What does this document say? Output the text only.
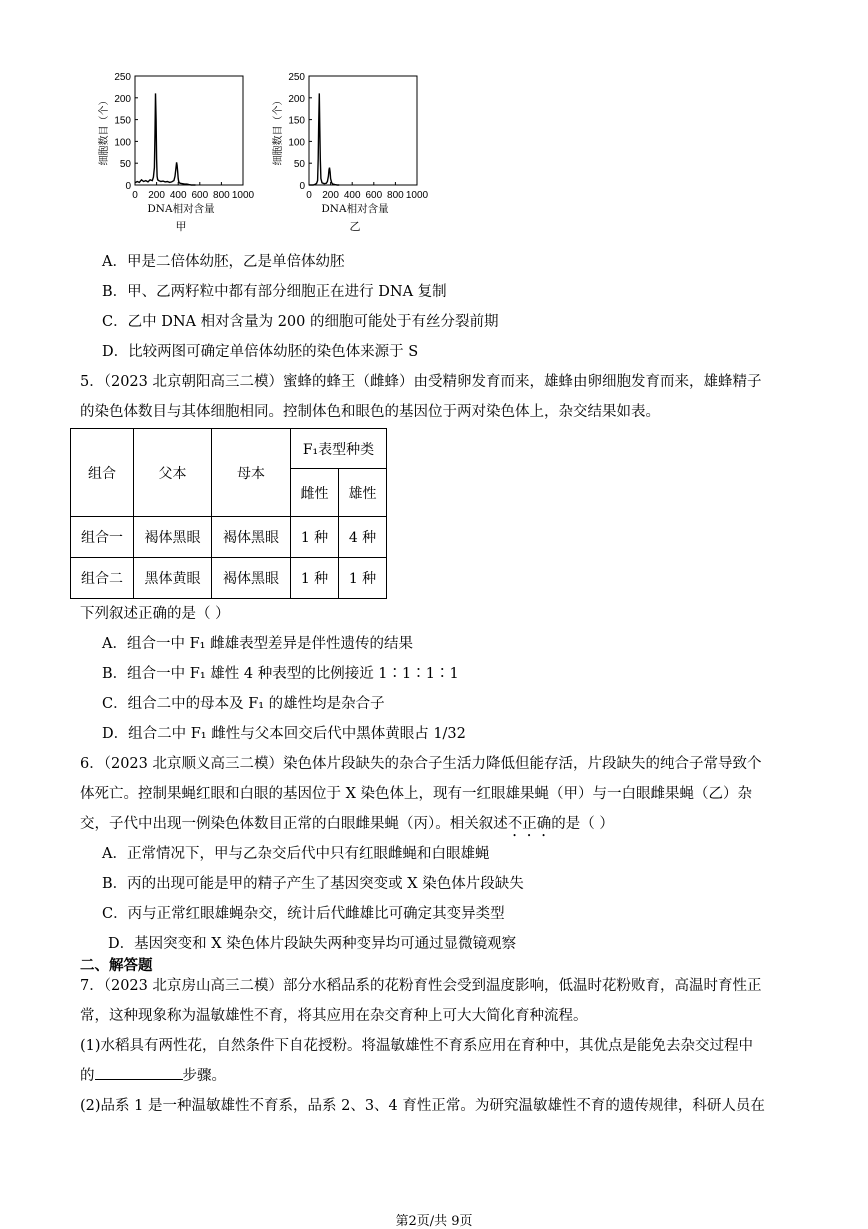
0
50
100
150
200
250
0 200 400 600 800 1000
DNA相对含量
细胞数目（个）
甲
0
50
100
150
200
250
0 200 400 600 800 1000
DNA相对含量
细胞数目（个）
乙
A．甲是二倍体幼胚，乙是单倍体幼胚
B．甲、乙两籽粒中都有部分细胞正在进行 DNA 复制
C．乙中 DNA 相对含量为 200 的细胞可能处于有丝分裂前期
D．比较两图可确定单倍体幼胚的染色体来源于 S
5．（2023 北京朝阳高三二模）蜜蜂的蜂王（雌蜂）由受精卵发育而来，雄蜂由卵细胞发育而来，雄蜂精子
的染色体数目与其体细胞相同。控制体色和眼色的基因位于两对染色体上，杂交结果如表。
组合	父本	母本	F₁表型种类	
			雌性	雄性
组合一	褐体黑眼	褐体黑眼	1 种	4 种
组合二	黑体黄眼	褐体黑眼	1 种	1 种
下列叙述正确的是（ ）
A．组合一中 F₁ 雌雄表型差异是伴性遗传的结果
B．组合一中 F₁ 雄性 4 种表型的比例接近 1∶1∶1∶1
C．组合二中的母本及 F₁ 的雄性均是杂合子
D．组合二中 F₁ 雌性与父本回交后代中黑体黄眼占 1/32
6．（2023 北京顺义高三二模）染色体片段缺失的杂合子生活力降低但能存活，片段缺失的纯合子常导致个
体死亡。控制果蝇红眼和白眼的基因位于 X 染色体上，现有一红眼雄果蝇（甲）与一白眼雌果蝇（乙）杂
交，子代中出现一例染色体数目正常的白眼雌果蝇（丙）。相关叙述不正确的是（ ）
A．正常情况下，甲与乙杂交后代中只有红眼雌蝇和白眼雄蝇
B．丙的出现可能是甲的精子产生了基因突变或 X 染色体片段缺失
C．丙与正常红眼雄蝇杂交，统计后代雌雄比可确定其变异类型
D．基因突变和 X 染色体片段缺失两种变异均可通过显微镜观察
二、解答题
7．（2023 北京房山高三二模）部分水稻品系的花粉育性会受到温度影响，低温时花粉败育，高温时育性正
常，这种现象称为温敏雄性不育，将其应用在杂交育种上可大大简化育种流程。
(1)水稻具有两性花，自然条件下自花授粉。将温敏雄性不育系应用在育种中，其优点是能免去杂交过程中
的	步骤。
(2)品系 1 是一种温敏雄性不育系，品系 2、3、4 育性正常。为研究温敏雄性不育的遗传规律，科研人员在
第2页/共 9页
